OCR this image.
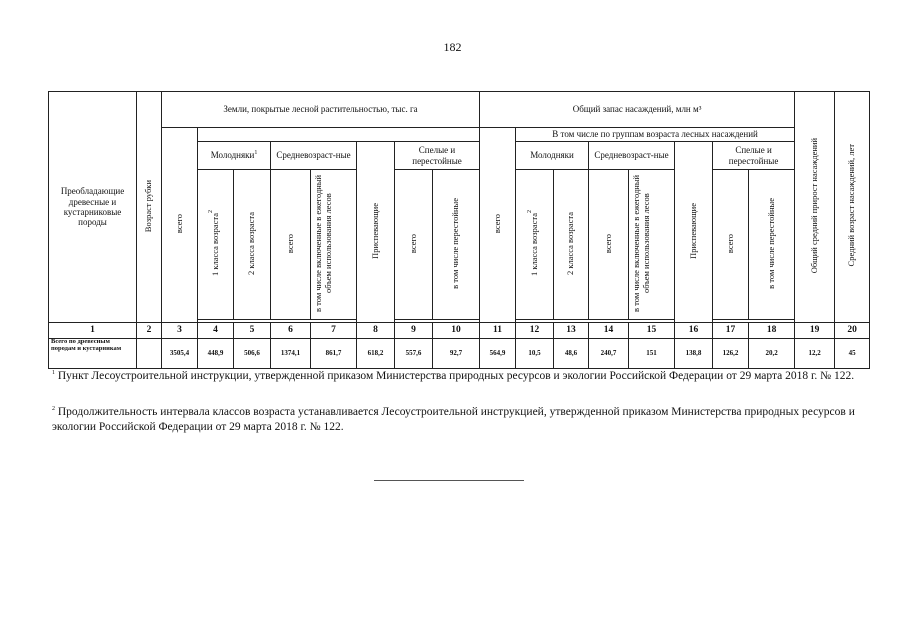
182
Преобладающие древесные и кустарниковые породы	Возраст рубки	Земли, покрытые лесной растительностью, тыс. га								Общий запас насаждений, млн м³								Общий средний прирост насаждений	Средний возраст насаждений, лет
		всего								всего	В том числе по группам возраста лесных насаждений								
			Молодняки$^1$		Средневозраст-ные		Приспевающие	Спелые и перестойные			Молодняки		Средневозраст-ные		Приспевающие	Спелые и перестойные			
			1 класса возраста$^2$	2 класса возраста	всего	в том числе включенные в ежегодный объем использования лесов		всего	в том числе перестойные		1 класса возраста$^2$	2 класса возраста	всего	в том числе включенные в ежегодный объем использования лесов		всего	в том числе перестойные		

1	2	3	4	5	6	7	8	9	10	11	12	13	14	15	16	17	18	19	20
Всего по древесным породам и кустарникам		3505,4	448,9	506,6	1374,1	861,7	618,2	557,6	92,7	564,9	10,5	48,6	240,7	151	138,8	126,2	20,2	12,2	45
$^1$ Пункт Лесоустроительной инструкции, утвержденной приказом Министерства природных ресурсов и экологии Российской Федерации от 29 марта 2018 г. № 122.
$^2$ Продолжительность интервала классов возраста устанавливается Лесоустроительной инструкцией, утвержденной приказом Министерства природных ресурсов и экологии Российской Федерации от 29 марта 2018 г. № 122.
